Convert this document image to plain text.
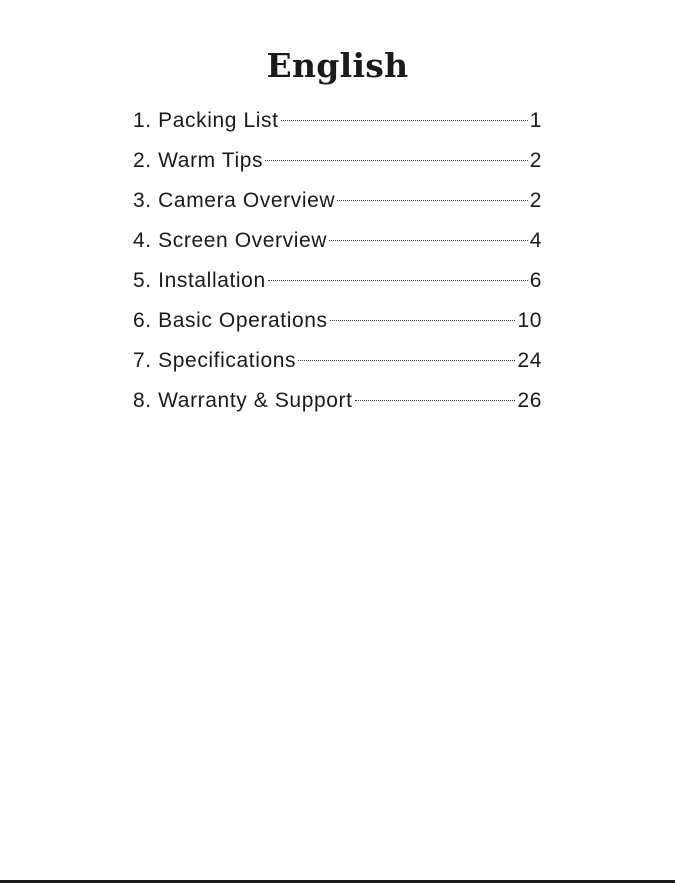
English
1. Packing List	1
2. Warm Tips	2
3. Camera Overview	2
4. Screen Overview	4
5. Installation	6
6. Basic Operations	10
7. Specifications	24
8. Warranty & Support	26
